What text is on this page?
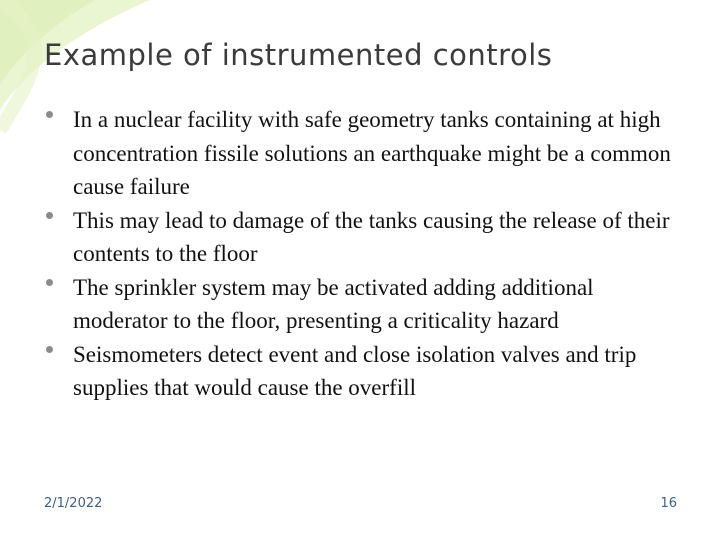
Example of instrumented controls
In a nuclear facility with safe geometry tanks containing at high concentration fissile solutions an earthquake might be a common cause failure
This may lead to damage of the tanks causing the release of their contents to the floor
The sprinkler system may be activated adding additional moderator to the floor, presenting a criticality hazard
Seismometers detect event and close isolation valves and trip supplies that would cause the overfill
2/1/2022	16
